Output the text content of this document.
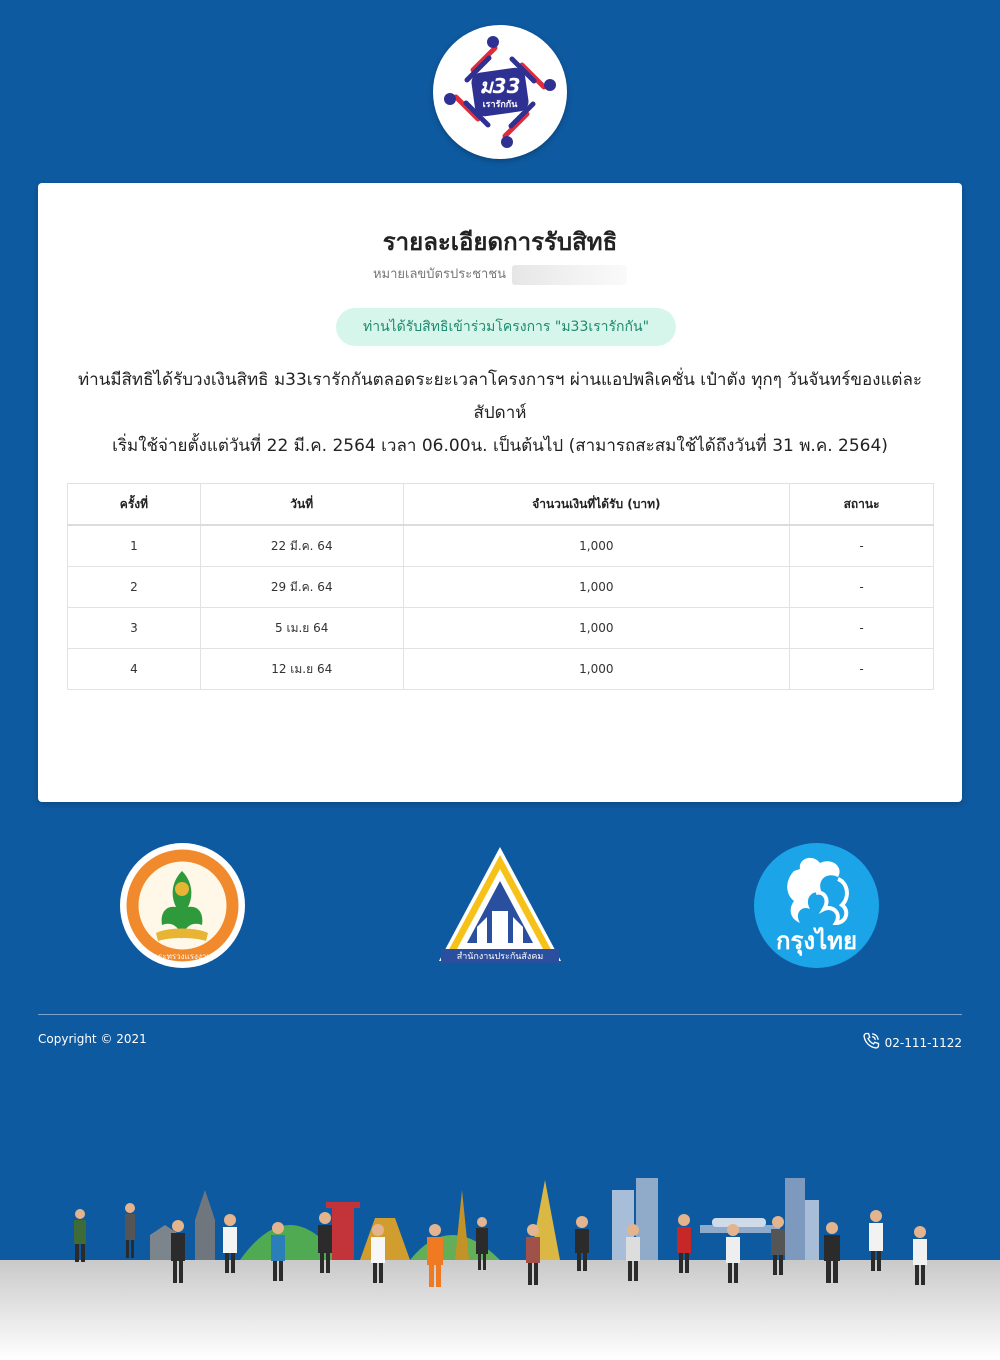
ม33
เรารักกัน
รายละเอียดการรับสิทธิ
หมายเลขบัตรประชาชน
ท่านได้รับสิทธิเข้าร่วมโครงการ "ม33เรารักกัน"
ท่านมีสิทธิได้รับวงเงินสิทธิ ม33เรารักกันตลอดระยะเวลาโครงการฯ ผ่านแอปพลิเคชั่น เป๋าตัง ทุกๆ วันจันทร์ของแต่ละสัปดาห์
เริ่มใช้จ่ายตั้งแต่วันที่ 22 มี.ค. 2564 เวลา 06.00น. เป็นต้นไป (สามารถสะสมใช้ได้ถึงวันที่ 31 พ.ค. 2564)
ครั้งที่	วันที่	จำนวนเงินที่ได้รับ (บาท)	สถานะ
1	22 มี.ค. 64	1,000	-
2	29 มี.ค. 64	1,000	-
3	5 เม.ย 64	1,000	-
4	12 เม.ย 64	1,000	-
กระทรวงแรงงาน	สำนักงานประกันสังคม
กรุงไทย
Copyright © 2021	02-111-1122
